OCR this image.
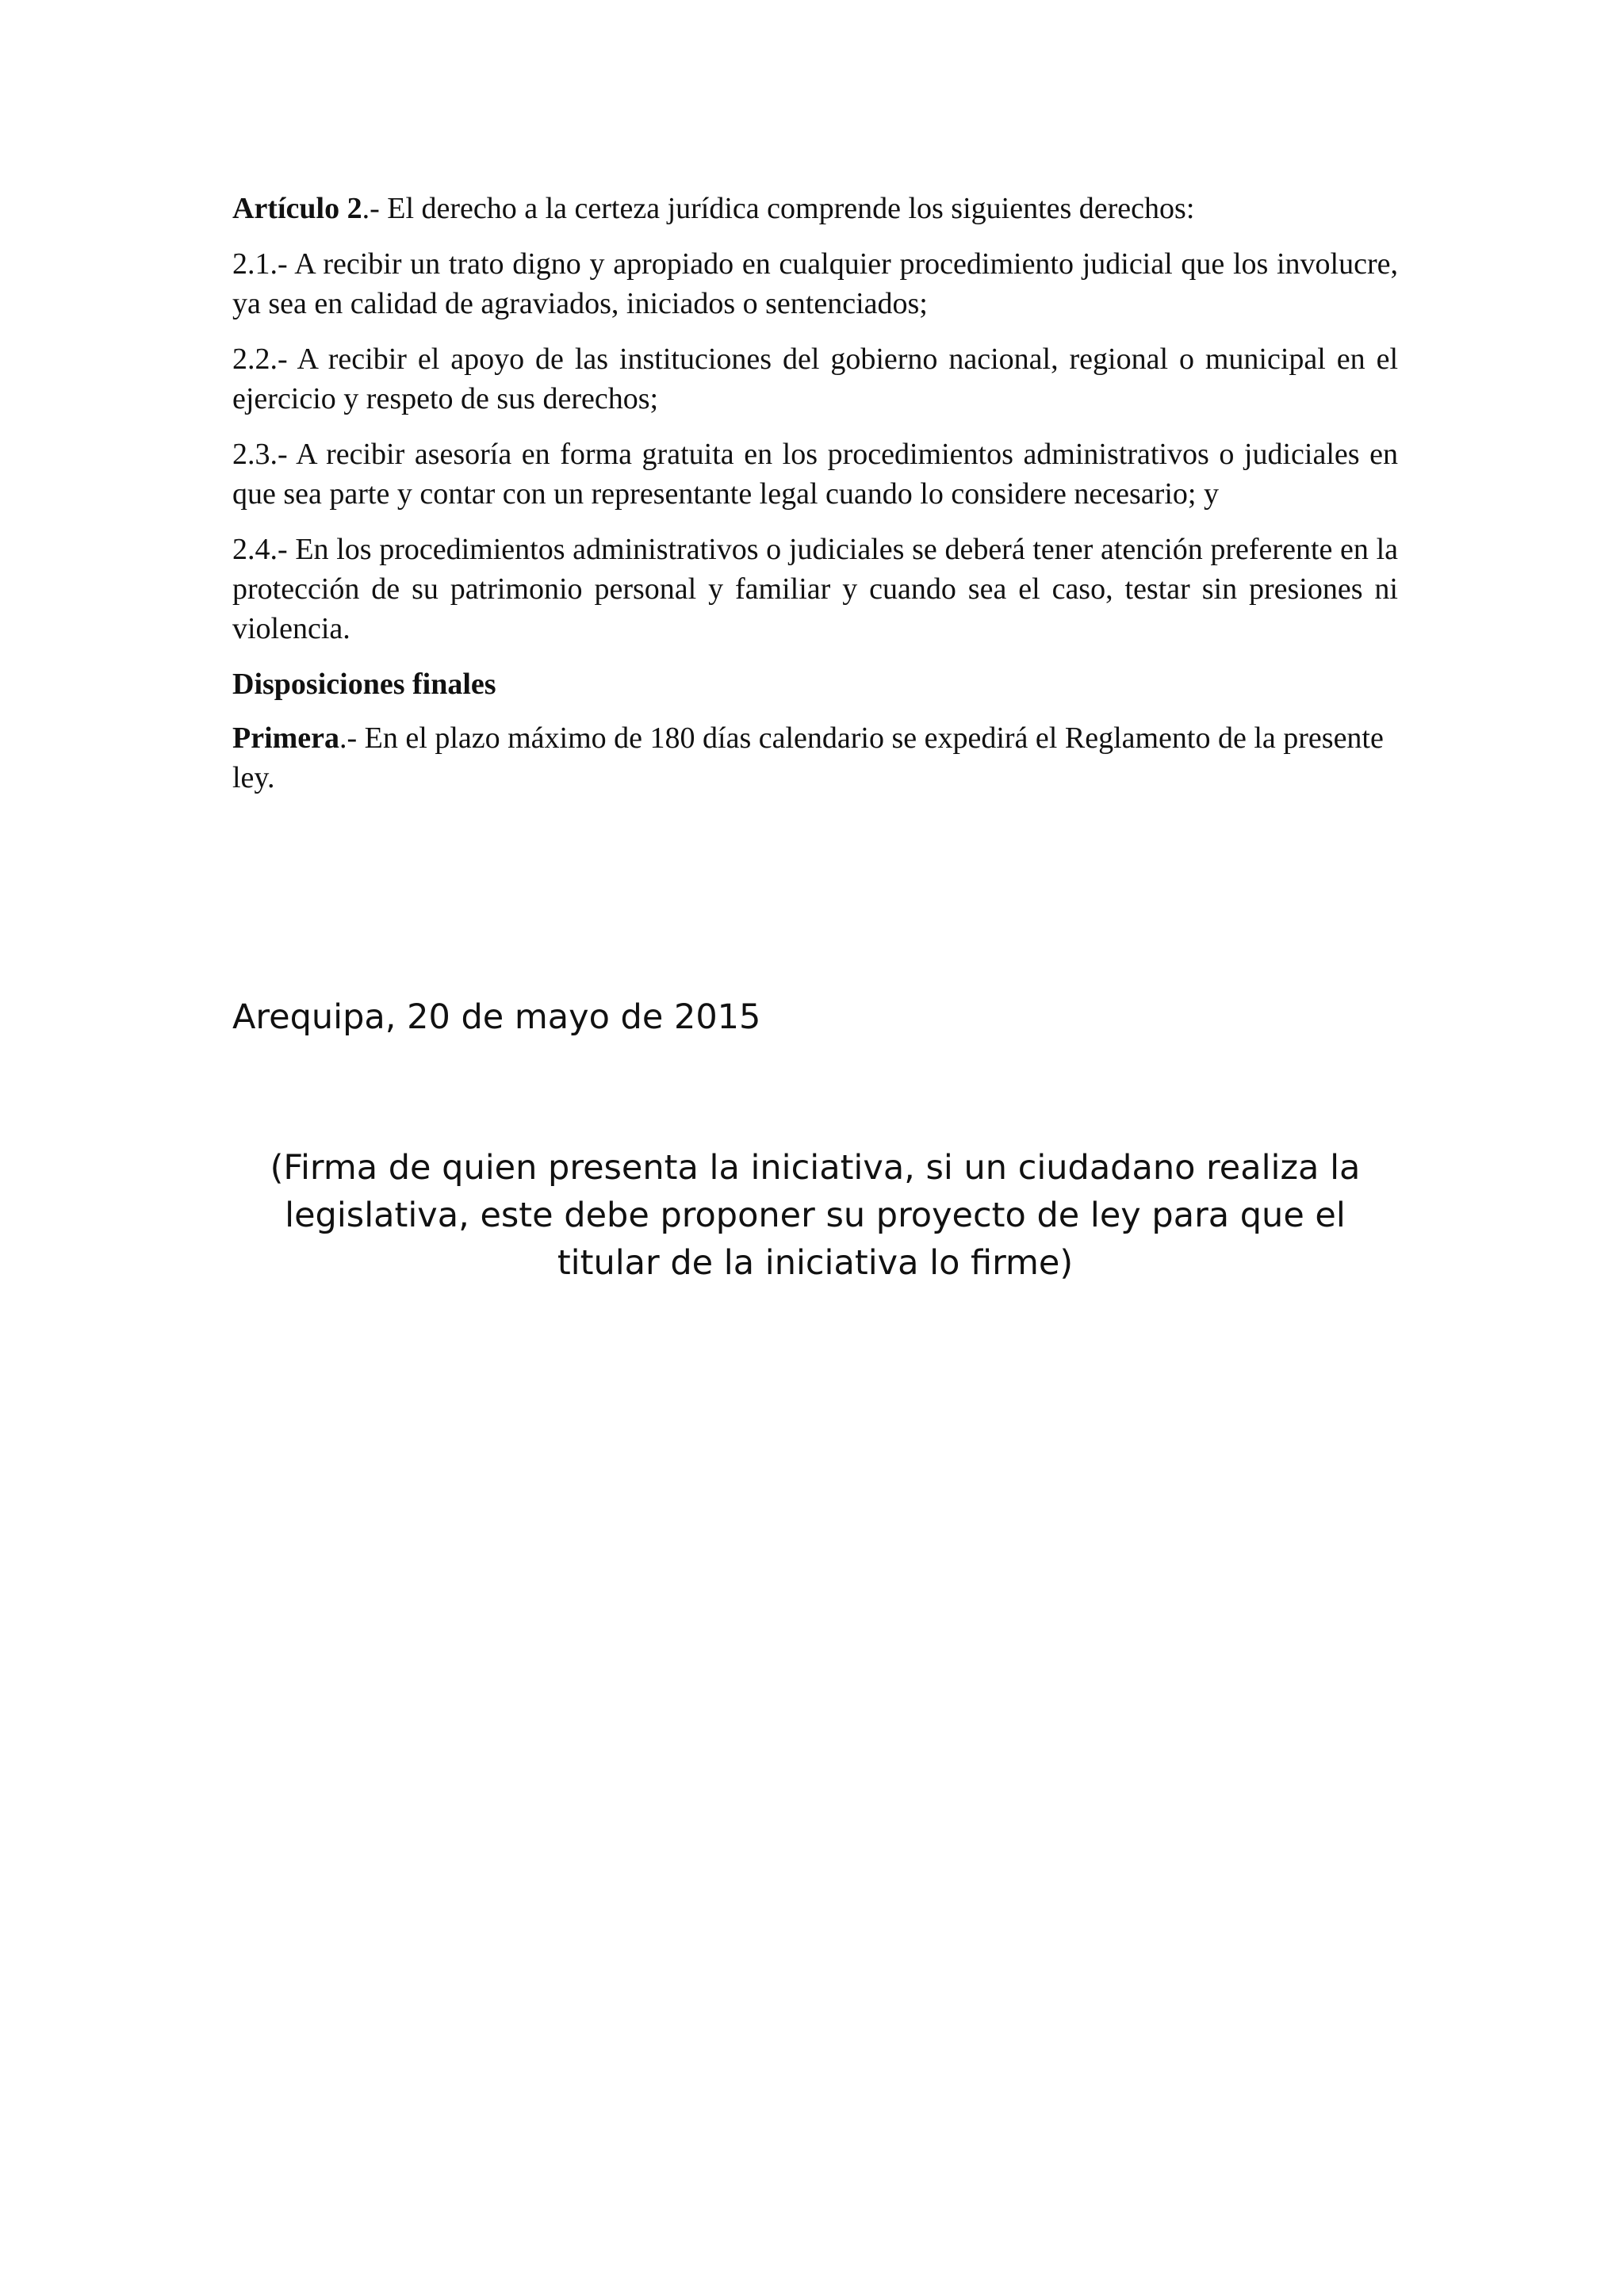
Artículo 2.- El derecho a la certeza jurídica comprende los siguientes derechos:

2.1.- A recibir un trato digno y apropiado en cualquier procedimiento judicial que los involucre, ya sea en calidad de agraviados, iniciados o sentenciados;

2.2.- A recibir el apoyo de las instituciones del gobierno nacional, regional o municipal en el ejercicio y respeto de sus derechos;

2.3.- A recibir asesoría en forma gratuita en los procedimientos administrativos o judiciales en que sea parte y contar con un representante legal cuando lo considere necesario; y

2.4.- En los procedimientos administrativos o judiciales se deberá tener atención preferente en la protección de su patrimonio personal y familiar y cuando sea el caso, testar sin presiones ni violencia.

Disposiciones finales

Primera.- En el plazo máximo de 180 días calendario se expedirá el Reglamento de la presente ley.

Arequipa, 20 de mayo de 2015
(Firma de quien presenta la iniciativa, si un ciudadano realiza la legislativa, este debe proponer su proyecto de ley para que el titular de la iniciativa lo firme)
